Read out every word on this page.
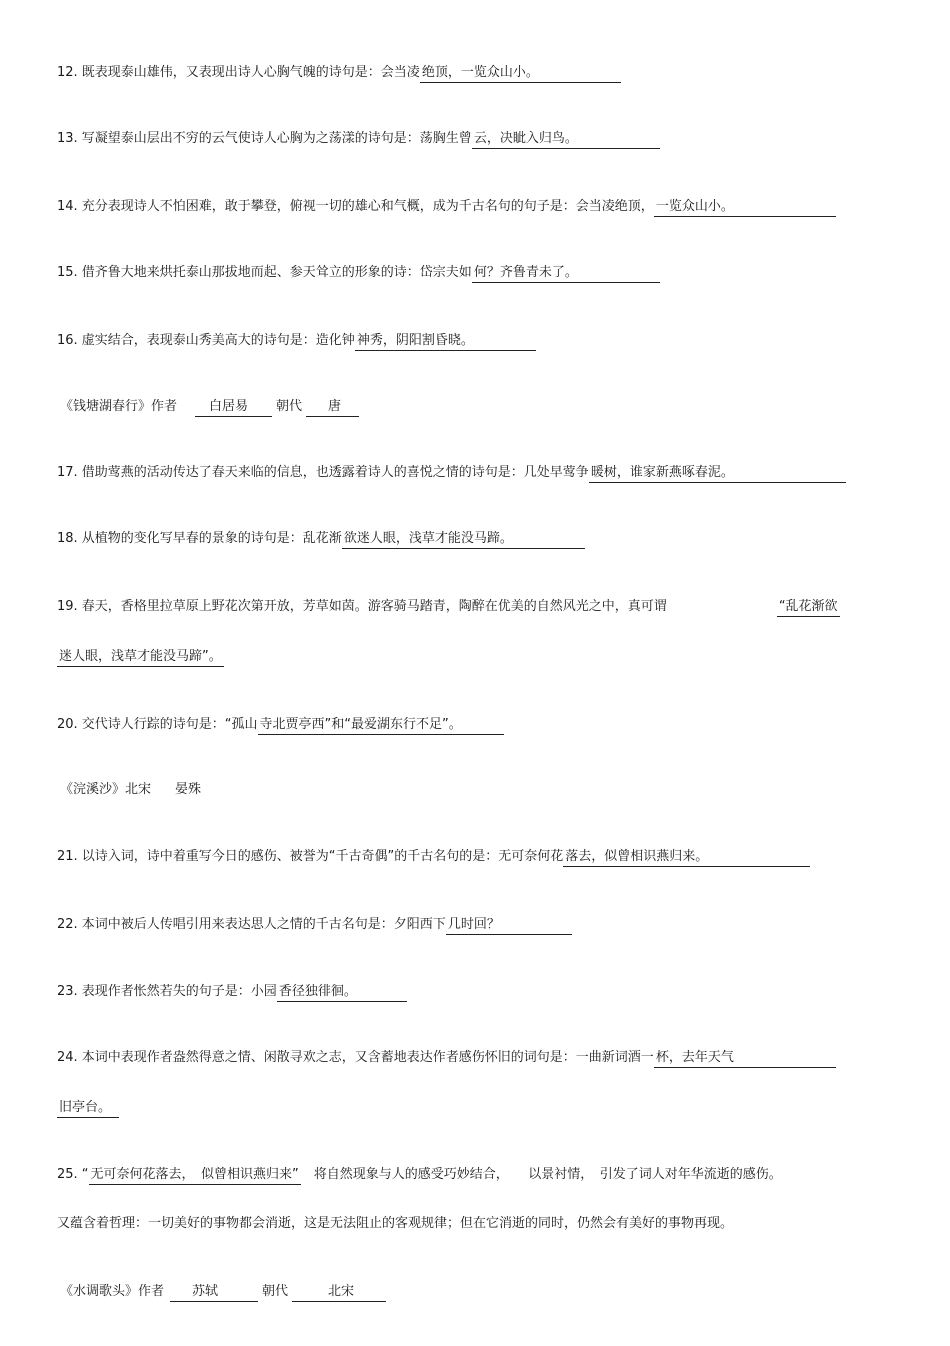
12. 既表现泰山雄伟，又表现出诗人心胸气魄的诗句是：会当凌 绝顶，一览众山小。
13. 写凝望泰山层出不穷的云气使诗人心胸为之荡漾的诗句是：荡胸生曾 云，决眦入归鸟。
14. 充分表现诗人不怕困难，敢于攀登，俯视一切的雄心和气概，成为千古名句的句子是：会当凌绝顶， 一览众山小。
15. 借齐鲁大地来烘托泰山那拔地而起、参天耸立的形象的诗：岱宗夫如 何？齐鲁青未了。
16. 虚实结合，表现泰山秀美高大的诗句是：造化钟 神秀，阴阳割昏晓。
《钱塘湖春行》作者 白居易 朝代 唐
17. 借助莺燕的活动传达了春天来临的信息，也透露着诗人的喜悦之情的诗句是：几处早莺争 暖树，谁家新燕啄春泥。
18. 从植物的变化写早春的景象的诗句是：乱花渐 欲迷人眼，浅草才能没马蹄。
19. 春天，香格里拉草原上野花次第开放，芳草如茵。游客骑马踏青，陶醉在优美的自然风光之中，真可谓	“乱花渐欲
迷人眼，浅草才能没马蹄”。
20. 交代诗人行踪的诗句是：“孤山 寺北贾亭西”和“最爱湖东行不足”。
《浣溪沙》北宋 晏殊
21. 以诗入词，诗中着重写今日的感伤、被誉为“千古奇偶”的千古名句的是：无可奈何花 落去，似曾相识燕归来。
22. 本词中被后人传唱引用来表达思人之情的千古名句是：夕阳西下 几时回？
23. 表现作者怅然若失的句子是：小园 香径独徘徊。
24. 本词中表现作者盎然得意之情、闲散寻欢之志，又含蓄地表达作者感伤怀旧的词句是：一曲新词酒一 杯，去年天气
旧亭台。
25. “ 无可奈何花落去，　似曾相识燕归来”　将自然现象与人的感受巧妙结合，　　以景衬情，　引发了词人对年华流逝的感伤。
又蕴含着哲理：一切美好的事物都会消逝，这是无法阻止的客观规律；但在它消逝的同时，仍然会有美好的事物再现。
《水调歌头》作者 苏轼	朝代	北宋
